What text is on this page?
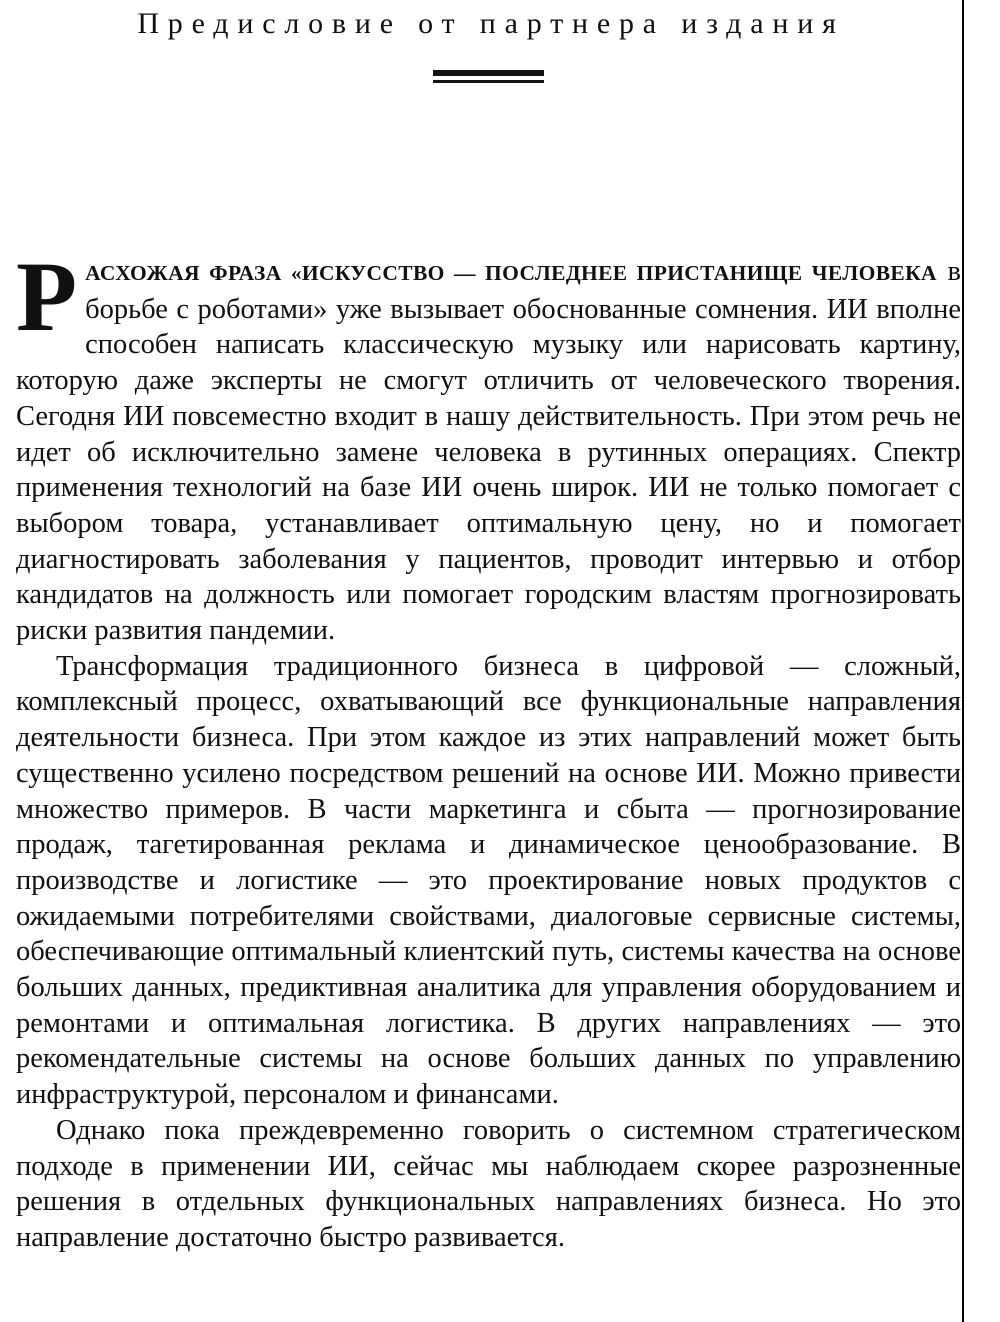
Предисловие от партнера издания

РАСХОЖАЯ ФРАЗА «ИСКУССТВО — ПОСЛЕДНЕЕ ПРИСТАНИЩЕ ЧЕЛОВЕКА в борьбе с роботами» уже вызывает обоснованные сомнения. ИИ вполне способен написать классическую музыку или нарисовать картину, которую даже эксперты не смогут отличить от человеческого творения. Сегодня ИИ повсеместно входит в нашу действительность. При этом речь не идет об исключительно замене человека в рутинных операциях. Спектр применения технологий на базе ИИ очень широк. ИИ не только помогает с выбором товара, устанавливает оптимальную цену, но и помогает диагностировать заболевания у пациентов, проводит интервью и отбор кандидатов на должность или помогает городским властям прогнозировать риски развития пандемии.

Трансформация традиционного бизнеса в цифровой — сложный, комплексный процесс, охватывающий все функциональные направления деятельности бизнеса. При этом каждое из этих направлений может быть существенно усилено посредством решений на основе ИИ. Можно привести множество примеров. В части маркетинга и сбыта — прогнозирование продаж, тагетированная реклама и динамическое ценообразование. В производстве и логистике — это проектирование новых продуктов с ожидаемыми потребителями свойствами, диалоговые сервисные системы, обеспечивающие оптимальный клиентский путь, системы качества на основе больших данных, предиктивная аналитика для управления оборудованием и ремонтами и оптимальная логистика. В других направлениях — это рекомендательные системы на основе больших данных по управлению инфраструктурой, персоналом и финансами.

Однако пока преждевременно говорить о системном стратегическом подходе в применении ИИ, сейчас мы наблюдаем скорее разрозненные решения в отдельных функциональных направлениях бизнеса. Но это направление достаточно быстро развивается.
